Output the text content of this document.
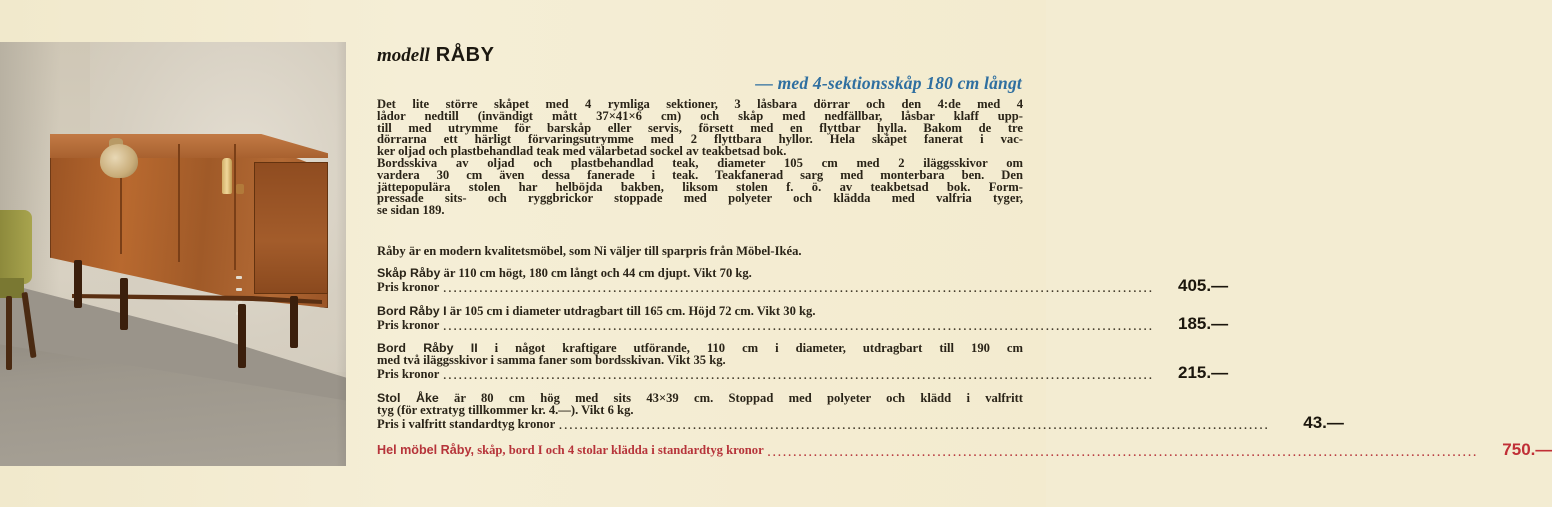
modell RÅBY
— med 4-sektionsskåp 180 cm långt
Det lite större skåpet med 4 rymliga sektioner, 3 låsbara dörrar och den 4:de med 4
lådor nedtill (invändigt mått 37×41×6 cm) och skåp med nedfällbar, låsbar klaff upp-
till med utrymme för barskåp eller servis, försett med en flyttbar hylla. Bakom de tre
dörrarna ett härligt förvaringsutrymme med 2 flyttbara hyllor. Hela skåpet fanerat i vac-
ker oljad och plastbehandlad teak med välarbetad sockel av teakbetsad bok.
Bordsskiva av oljad och plastbehandlad teak, diameter 105 cm med 2 iläggsskivor om
vardera 30 cm även dessa fanerade i teak. Teakfanerad sarg med monterbara ben. Den
jättepopulära stolen har helböjda bakben, liksom stolen f. ö. av teakbetsad bok. Form-
pressade sits- och ryggbrickor stoppade med polyeter och klädda med valfria tyger,
se sidan 189.
Råby är en modern kvalitetsmöbel, som Ni väljer till sparpris från Möbel-Ikéa.
Skåp Råby är 110 cm högt, 180 cm långt och 44 cm djupt. Vikt 70 kg.
Pris kronor ..........................................................................................................................................	405.—
Bord Råby I är 105 cm i diameter utdragbart till 165 cm. Höjd 72 cm. Vikt 30 kg.
Pris kronor ..........................................................................................................................................	185.—
Bord Råby II i något kraftigare utförande, 110 cm i diameter, utdragbart till 190 cm
med två iläggsskivor i samma faner som bordsskivan. Vikt 35 kg.
Pris kronor ..........................................................................................................................................	215.—
Stol Åke är 80 cm hög med sits 43×39 cm. Stoppad med polyeter och klädd i valfritt
tyg (för extratyg tillkommer kr. 4.—). Vikt 6 kg.
Pris i valfritt standardtyg kronor ..........................................................................................................................................	43.—
Hel möbel Råby, skåp, bord I och 4 stolar klädda i standardtyg kronor ..........................................................................................................................................	750.—
